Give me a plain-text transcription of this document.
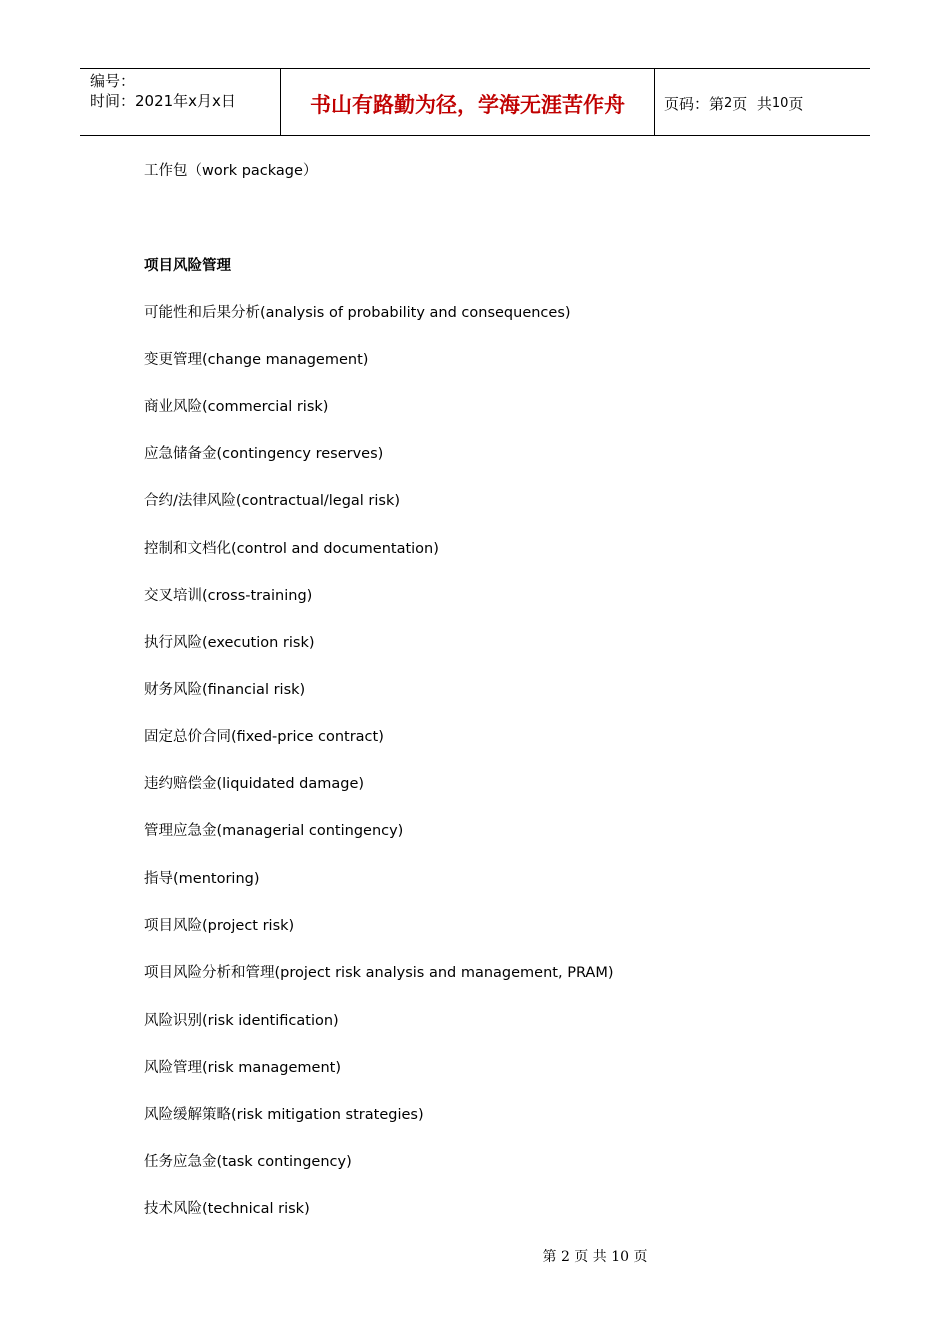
编号：
时间：2021年x月x日	书山有路勤为径，学海无涯苦作舟	页码：第 2 页  共 10 页
工作包（work package）
项目风险管理
可能性和后果分析(analysis of probability and consequences)
变更管理(change management)
商业风险(commercial risk)
应急储备金(contingency reserves)
合约/法律风险(contractual/legal risk)
控制和文档化(control and documentation)
交叉培训(cross-training)
执行风险(execution risk)
财务风险(financial risk)
固定总价合同(fixed-price contract)
违约赔偿金(liquidated damage)
管理应急金(managerial contingency)
指导(mentoring)
项目风险(project risk)
项目风险分析和管理(project risk analysis and management, PRAM)
风险识别(risk identification)
风险管理(risk management)
风险缓解策略(risk mitigation strategies)
任务应急金(task contingency)
技术风险(technical risk)
第 2 页 共 10 页
